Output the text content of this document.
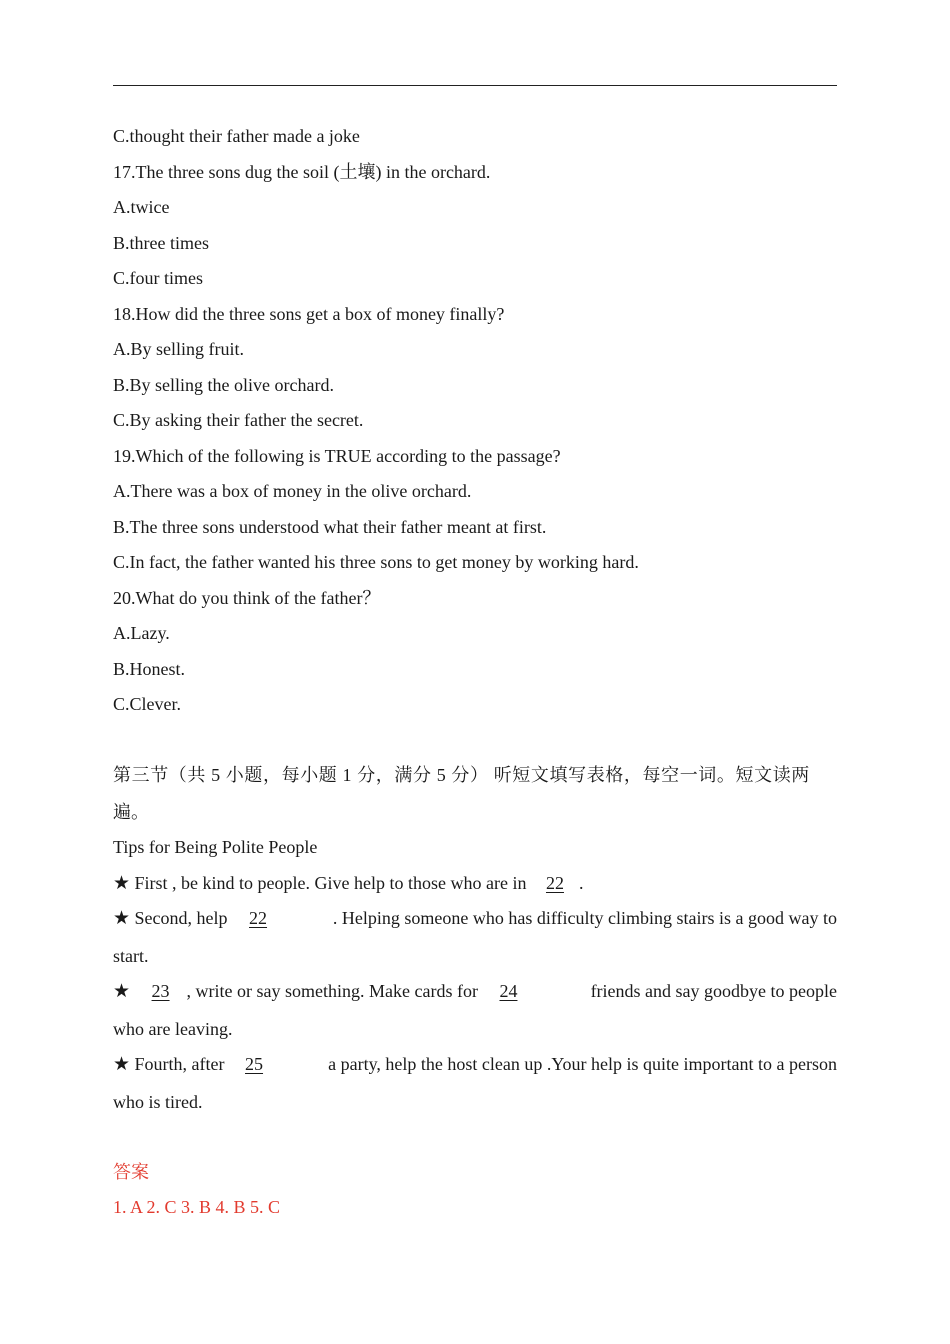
C.thought their father made a joke
17.The three sons dug the soil (土壤) in the orchard.
A.twice
B.three times
C.four times
18.How did the three sons get a box of money finally?
A.By selling fruit.
B.By selling the olive orchard.
C.By asking their father the secret.
19.Which of the following is TRUE according to the passage?
A.There was a box of money in the olive orchard.
B.The three sons understood what their father meant at first.
C.In fact, the father wanted his three sons to get money by working hard.
20.What do you think of the father？
A.Lazy.
B.Honest.
C.Clever.
第三节（共 5 小题，每小题 1 分，满分 5 分） 听短文填写表格，每空一词。短文读两
遍。
Tips for Being Polite People
★ First , be kind to people. Give help to those who are in 22 .
★ Second, help 22	. Helping someone who has difficulty climbing stairs is a good way to
start.
★ 23 , write or say something. Make cards for 24	friends and say goodbye to people
who are leaving.
★ Fourth, after 25	a party, help the host clean up .Your help is quite important to a person
who is tired.
答案
1. A 2. C 3. B 4. B 5. C
